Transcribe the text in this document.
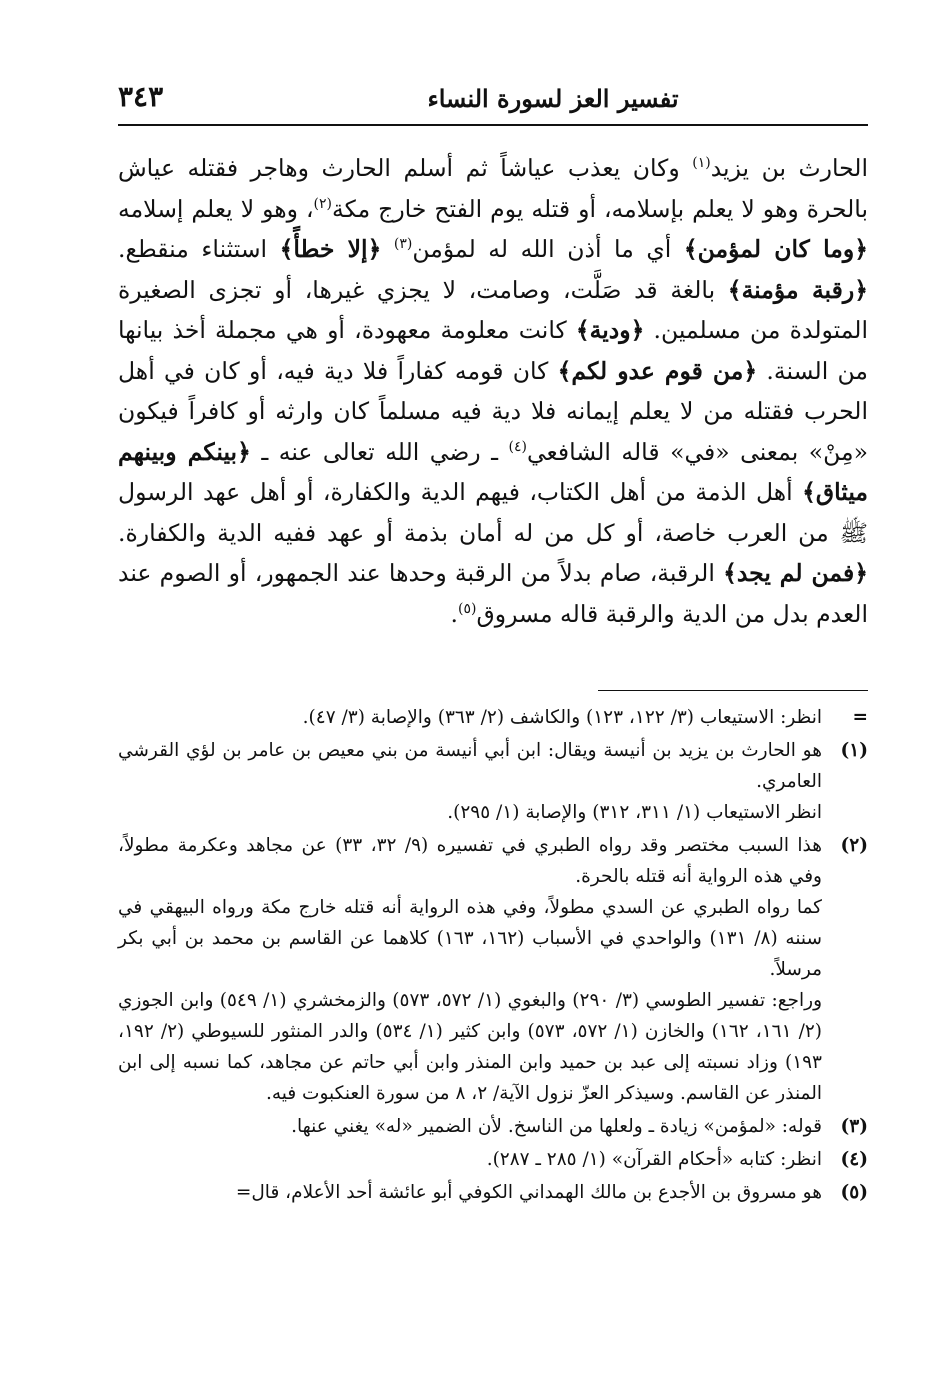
تفسير العز لسورة النساء
٣٤٣

الحارث بن يزيد$^{(١)}$ وكان يعذب عياشاً ثم أسلم الحارث وهاجر فقتله عياش بالحرة وهو لا يعلم بإسلامه، أو قتله يوم الفتح خارج مكة$^{(٢)}$، وهو لا يعلم إسلامه ﴿وما كان لمؤمن﴾ أي ما أذن الله له لمؤمن$^{(٣)}$ ﴿إلا خطأً﴾ استثناء منقطع. ﴿رقبة مؤمنة﴾ بالغة قد صَلَّت، وصامت، لا يجزي غيرها، أو تجزى الصغيرة المتولدة من مسلمين. ﴿ودية﴾ كانت معلومة معهودة، أو هي مجملة أخذ بيانها من السنة. ﴿من قوم عدو لكم﴾ كان قومه كفاراً فلا دية فيه، أو كان في أهل الحرب فقتله من لا يعلم إيمانه فلا دية فيه مسلماً كان وارثه أو كافراً فيكون «مِنْ» بمعنى «في» قاله الشافعي$^{(٤)}$ ـ رضي الله تعالى عنه ـ ﴿بينكم وبينهم ميثاق﴾ أهل الذمة من أهل الكتاب، فيهم الدية والكفارة، أو أهل عهد الرسول ﷺ من العرب خاصة، أو كل من له أمان بذمة أو عهد ففيه الدية والكفارة. ﴿فمن لم يجد﴾ الرقبة، صام بدلاً من الرقبة وحدها عند الجمهور، أو الصوم عند العدم بدل من الدية والرقبة قاله مسروق$^{(٥)}$.

=

انظر: الاستيعاب (٣/ ١٢٢، ١٢٣) والكاشف (٢/ ٣٦٣) والإصابة (٣/ ٤٧).

(١)

هو الحارث بن يزيد بن أنيسة ويقال: ابن أبي أنيسة من بني معيص بن عامر بن لؤي القرشي العامري.

انظر الاستيعاب (١/ ٣١١، ٣١٢) والإصابة (١/ ٢٩٥).

(٢)

هذا السبب مختصر وقد رواه الطبري في تفسيره (٩/ ٣٢، ٣٣) عن مجاهد وعكرمة مطولاً، وفي هذه الرواية أنه قتله بالحرة.

كما رواه الطبري عن السدي مطولاً، وفي هذه الرواية أنه قتله خارج مكة ورواه البيهقي في سننه (٨/ ١٣١) والواحدي في الأسباب (١٦٢، ١٦٣) كلاهما عن القاسم بن محمد بن أبي بكر مرسلاً.

وراجع: تفسير الطوسي (٣/ ٢٩٠) والبغوي (١/ ٥٧٢، ٥٧٣) والزمخشري (١/ ٥٤٩) وابن الجوزي (٢/ ١٦١، ١٦٢) والخازن (١/ ٥٧٢، ٥٧٣) وابن كثير (١/ ٥٣٤) والدر المنثور للسيوطي (٢/ ١٩٢، ١٩٣) وزاد نسبته إلى عبد بن حميد وابن المنذر وابن أبي حاتم عن مجاهد، كما نسبه إلى ابن المنذر عن القاسم. وسيذكر العزّ نزول الآية/ ٢، ٨ من سورة العنكبوت فيه.

(٣)

قوله: «لمؤمن» زيادة ـ ولعلها من الناسخ. لأن الضمير «له» يغني عنها.

(٤)

انظر: كتابه «أحكام القرآن» (١/ ٢٨٥ ـ ٢٨٧).

(٥)

هو مسروق بن الأجدع بن مالك الهمداني الكوفي أبو عائشة أحد الأعلام، قال=
